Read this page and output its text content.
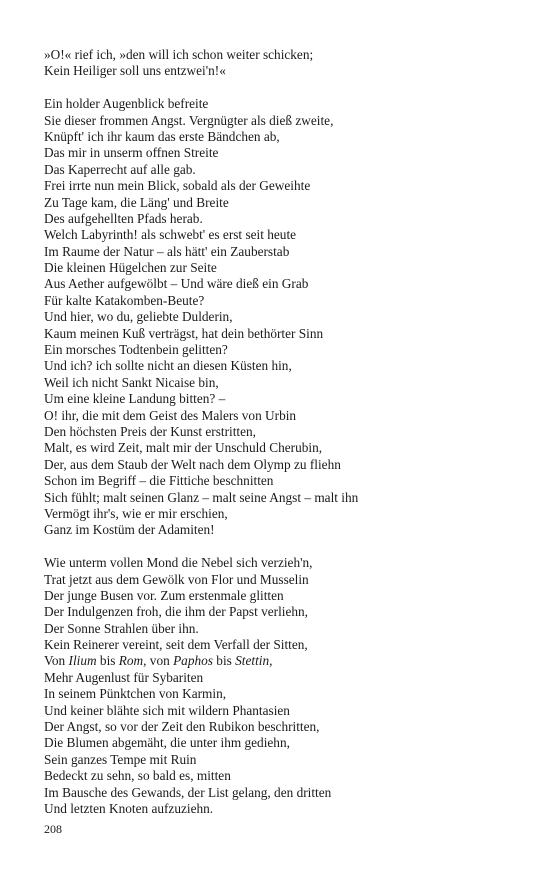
»O!« rief ich, »den will ich schon weiter schicken;
Kein Heiliger soll uns entzwei'n!«
Ein holder Augenblick befreite
Sie dieser frommen Angst. Vergnügter als dieß zweite,
Knüpft' ich ihr kaum das erste Bändchen ab,
Das mir in unserm offnen Streite
Das Kaperrecht auf alle gab.
Frei irrte nun mein Blick, sobald als der Geweihte
Zu Tage kam, die Läng' und Breite
Des aufgehellten Pfads herab.
Welch Labyrinth! als schwebt' es erst seit heute
Im Raume der Natur – als hätt' ein Zauberstab
Die kleinen Hügelchen zur Seite
Aus Aether aufgewölbt – Und wäre dieß ein Grab
Für kalte Katakomben-Beute?
Und hier, wo du, geliebte Dulderin,
Kaum meinen Kuß verträgst, hat dein bethörter Sinn
Ein morsches Todtenbein gelitten?
Und ich? ich sollte nicht an diesen Küsten hin,
Weil ich nicht Sankt Nicaise bin,
Um eine kleine Landung bitten? –
O! ihr, die mit dem Geist des Malers von Urbin
Den höchsten Preis der Kunst erstritten,
Malt, es wird Zeit, malt mir der Unschuld Cherubin,
Der, aus dem Staub der Welt nach dem Olymp zu fliehn
Schon im Begriff – die Fittiche beschnitten
Sich fühlt; malt seinen Glanz – malt seine Angst – malt ihn
Vermögt ihr's, wie er mir erschien,
Ganz im Kostüm der Adamiten!
Wie unterm vollen Mond die Nebel sich verzieh'n,
Trat jetzt aus dem Gewölk von Flor und Musselin
Der junge Busen vor. Zum erstenmale glitten
Der Indulgenzen froh, die ihm der Papst verliehn,
Der Sonne Strahlen über ihn.
Kein Reinerer vereint, seit dem Verfall der Sitten,
Von Ilium bis Rom, von Paphos bis Stettin,
Mehr Augenlust für Sybariten
In seinem Pünktchen von Karmin,
Und keiner blähte sich mit wildern Phantasien
Der Angst, so vor der Zeit den Rubikon beschritten,
Die Blumen abgemäht, die unter ihm gediehn,
Sein ganzes Tempe mit Ruin
Bedeckt zu sehn, so bald es, mitten
Im Bausche des Gewands, der List gelang, den dritten
Und letzten Knoten aufzuziehn.
208
